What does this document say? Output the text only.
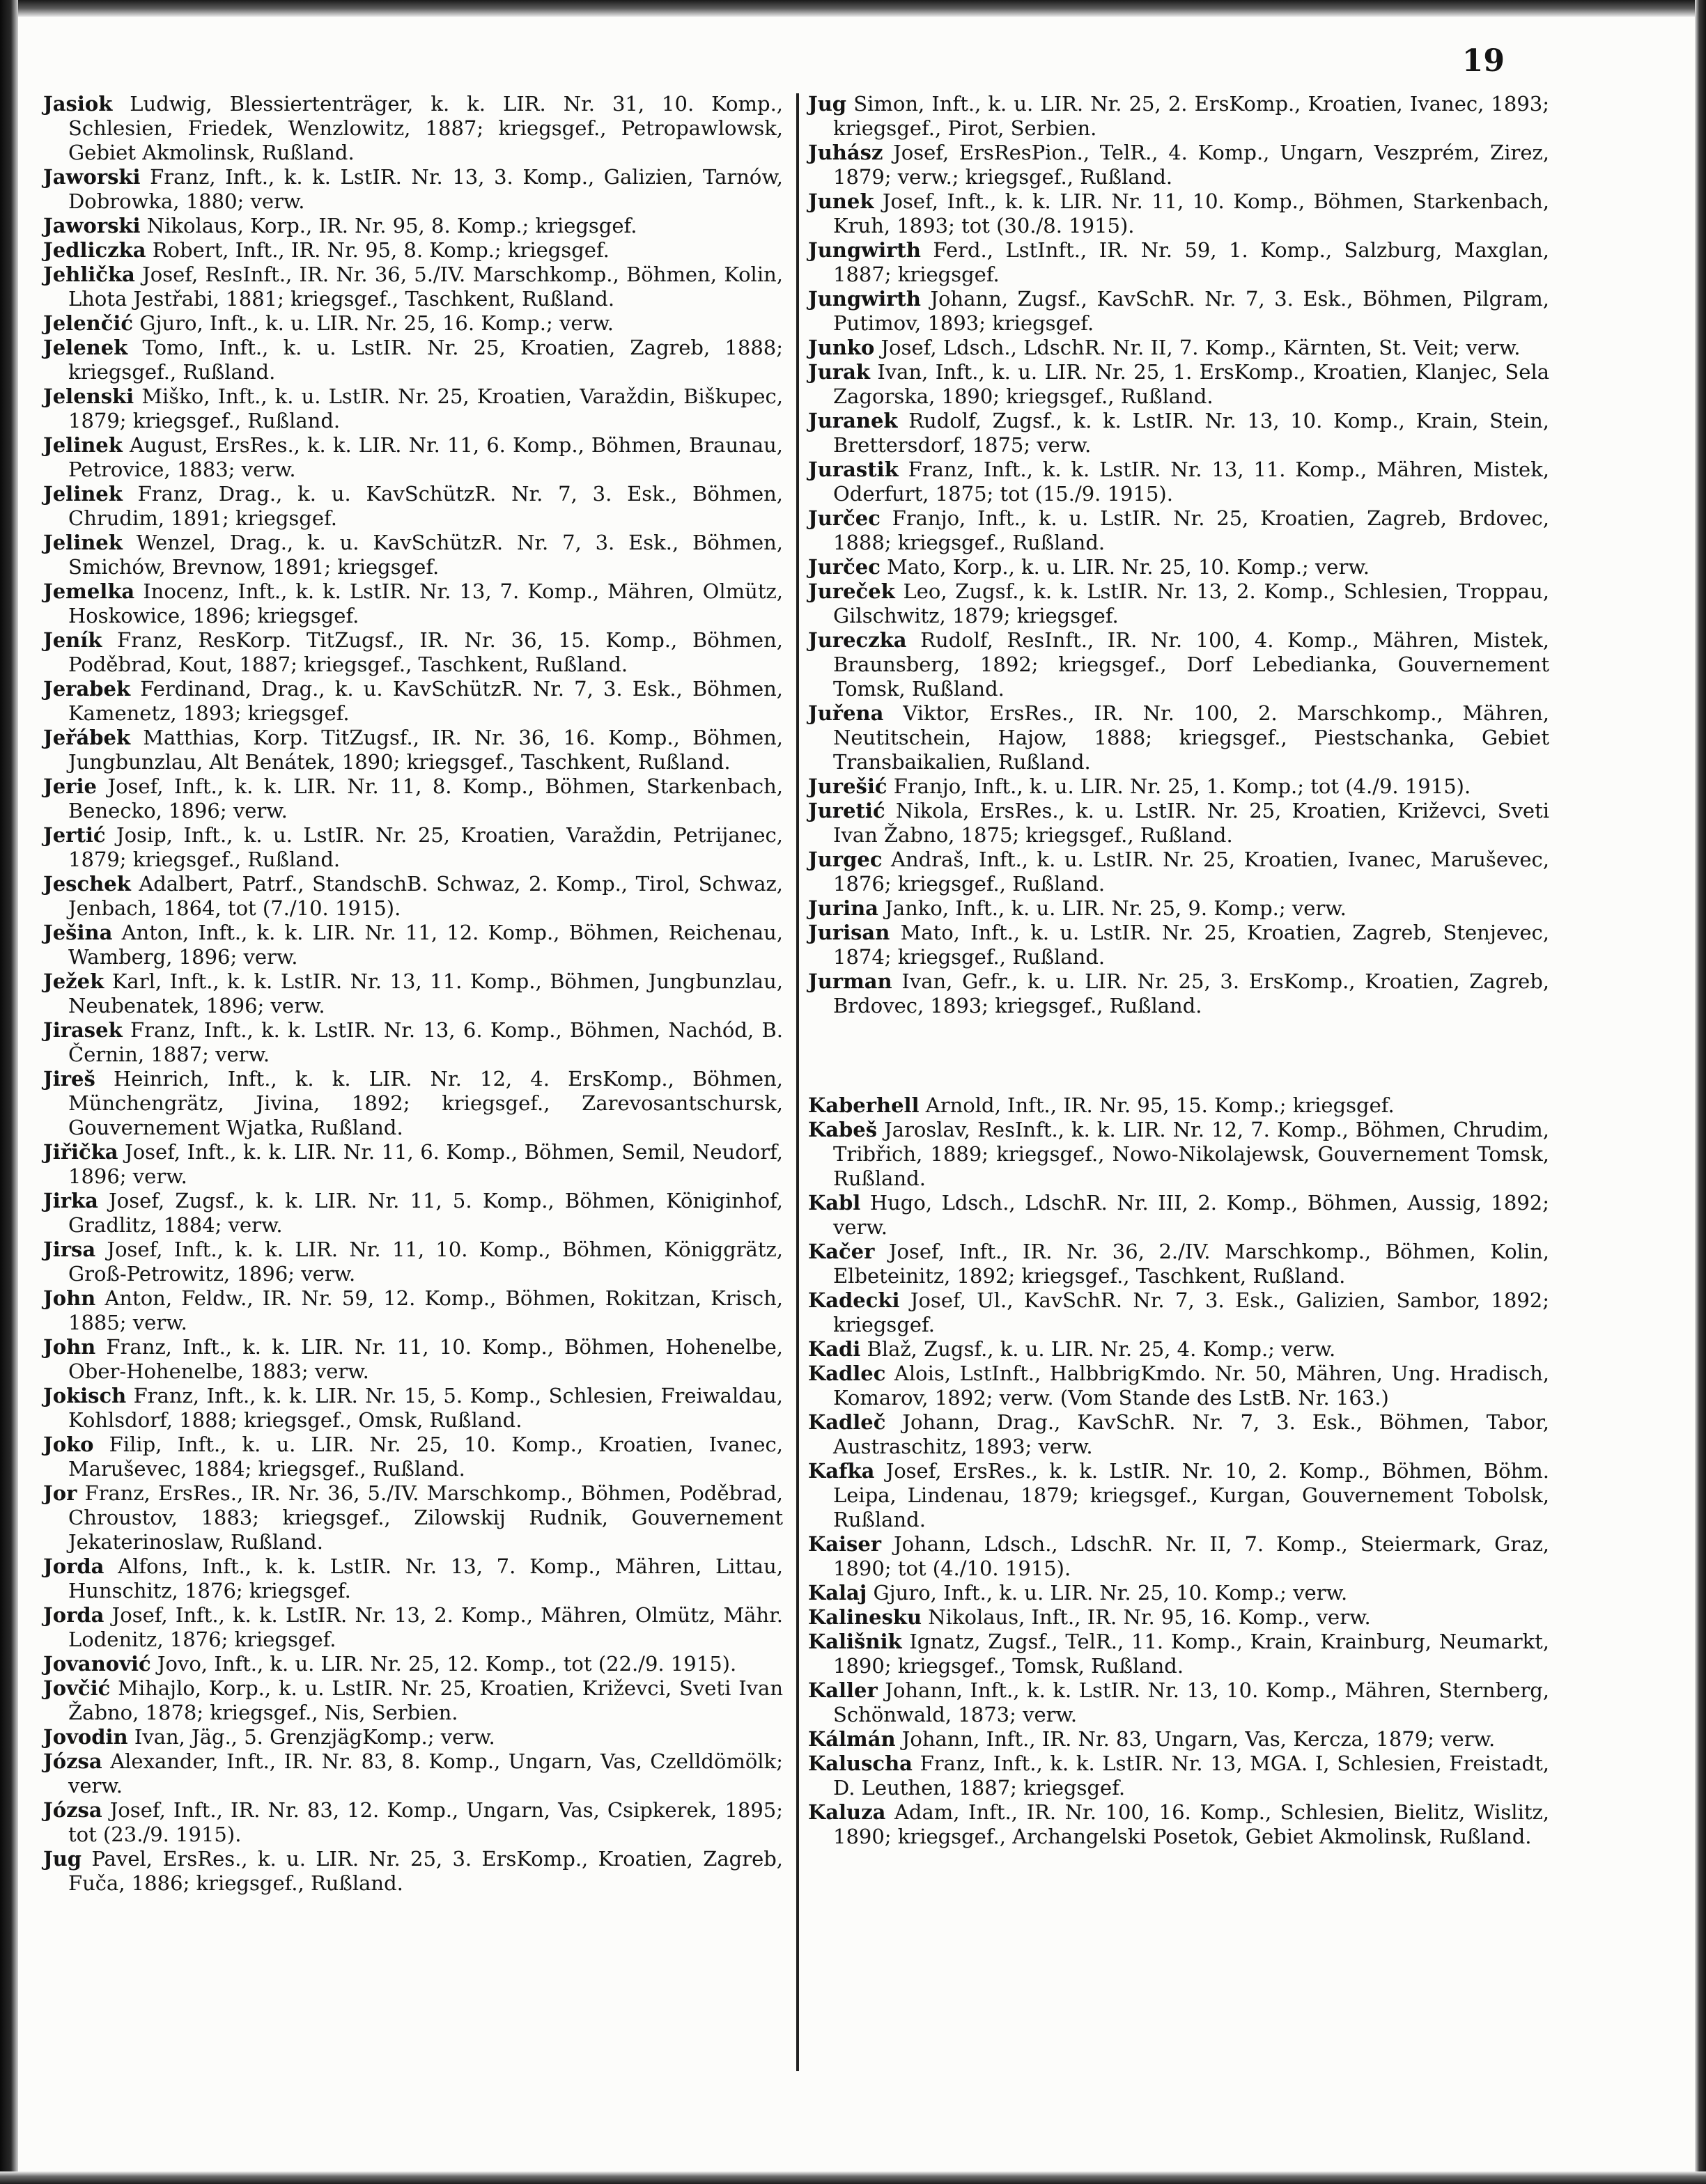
19

Jasiok Ludwig, Blessiertenträger, k. k. LIR. Nr. 31, 10. Komp., Schlesien, Friedek, Wenzlowitz, 1887; kriegsgef., Petropawlowsk, Gebiet Akmolinsk, Rußland.

Jaworski Franz, Inft., k. k. LstIR. Nr. 13, 3. Komp., Galizien, Tarnów, Dobrowka, 1880; verw.

Jaworski Nikolaus, Korp., IR. Nr. 95, 8. Komp.; kriegsgef.

Jedliczka Robert, Inft., IR. Nr. 95, 8. Komp.; kriegsgef.

Jehlička Josef, ResInft., IR. Nr. 36, 5./IV. Marschkomp., Böhmen, Kolin, Lhota Jestřabi, 1881; kriegsgef., Taschkent, Rußland.

Jelenčić Gjuro, Inft., k. u. LIR. Nr. 25, 16. Komp.; verw.

Jelenek Tomo, Inft., k. u. LstIR. Nr. 25, Kroatien, Zagreb, 1888; kriegsgef., Rußland.

Jelenski Miško, Inft., k. u. LstIR. Nr. 25, Kroatien, Varaždin, Biškupec, 1879; kriegsgef., Rußland.

Jelinek August, ErsRes., k. k. LIR. Nr. 11, 6. Komp., Böhmen, Braunau, Petrovice, 1883; verw.

Jelinek Franz, Drag., k. u. KavSchützR. Nr. 7, 3. Esk., Böhmen, Chrudim, 1891; kriegsgef.

Jelinek Wenzel, Drag., k. u. KavSchützR. Nr. 7, 3. Esk., Böhmen, Smichów, Brevnow, 1891; kriegsgef.

Jemelka Inocenz, Inft., k. k. LstIR. Nr. 13, 7. Komp., Mähren, Olmütz, Hoskowice, 1896; kriegsgef.

Jeník Franz, ResKorp. TitZugsf., IR. Nr. 36, 15. Komp., Böhmen, Poděbrad, Kout, 1887; kriegsgef., Taschkent, Rußland.

Jerabek Ferdinand, Drag., k. u. KavSchützR. Nr. 7, 3. Esk., Böhmen, Kamenetz, 1893; kriegsgef.

Jeřábek Matthias, Korp. TitZugsf., IR. Nr. 36, 16. Komp., Böhmen, Jungbunzlau, Alt Benátek, 1890; kriegsgef., Taschkent, Rußland.

Jerie Josef, Inft., k. k. LIR. Nr. 11, 8. Komp., Böhmen, Starkenbach, Benecko, 1896; verw.

Jertić Josip, Inft., k. u. LstIR. Nr. 25, Kroatien, Varaždin, Petrijanec, 1879; kriegsgef., Rußland.

Jeschek Adalbert, Patrf., StandschB. Schwaz, 2. Komp., Tirol, Schwaz, Jenbach, 1864, tot (7./10. 1915).

Ješina Anton, Inft., k. k. LIR. Nr. 11, 12. Komp., Böhmen, Reichenau, Wamberg, 1896; verw.

Ježek Karl, Inft., k. k. LstIR. Nr. 13, 11. Komp., Böhmen, Jungbunzlau, Neubenatek, 1896; verw.

Jirasek Franz, Inft., k. k. LstIR. Nr. 13, 6. Komp., Böhmen, Nachód, B. Černin, 1887; verw.

Jireš Heinrich, Inft., k. k. LIR. Nr. 12, 4. ErsKomp., Böhmen, Münchengrätz, Jivina, 1892; kriegsgef., Zarevosantschursk, Gouvernement Wjatka, Rußland.

Jiřička Josef, Inft., k. k. LIR. Nr. 11, 6. Komp., Böhmen, Semil, Neudorf, 1896; verw.

Jirka Josef, Zugsf., k. k. LIR. Nr. 11, 5. Komp., Böhmen, Königinhof, Gradlitz, 1884; verw.

Jirsa Josef, Inft., k. k. LIR. Nr. 11, 10. Komp., Böhmen, Königgrätz, Groß-Petrowitz, 1896; verw.

John Anton, Feldw., IR. Nr. 59, 12. Komp., Böhmen, Rokitzan, Krisch, 1885; verw.

John Franz, Inft., k. k. LIR. Nr. 11, 10. Komp., Böhmen, Hohenelbe, Ober-Hohenelbe, 1883; verw.

Jokisch Franz, Inft., k. k. LIR. Nr. 15, 5. Komp., Schlesien, Freiwaldau, Kohlsdorf, 1888; kriegsgef., Omsk, Rußland.

Joko Filip, Inft., k. u. LIR. Nr. 25, 10. Komp., Kroatien, Ivanec, Maruševec, 1884; kriegsgef., Rußland.

Jor Franz, ErsRes., IR. Nr. 36, 5./IV. Marschkomp., Böhmen, Poděbrad, Chroustov, 1883; kriegsgef., Zilowskij Rudnik, Gouvernement Jekaterinoslaw, Rußland.

Jorda Alfons, Inft., k. k. LstIR. Nr. 13, 7. Komp., Mähren, Littau, Hunschitz, 1876; kriegsgef.

Jorda Josef, Inft., k. k. LstIR. Nr. 13, 2. Komp., Mähren, Olmütz, Mähr. Lodenitz, 1876; kriegsgef.

Jovanović Jovo, Inft., k. u. LIR. Nr. 25, 12. Komp., tot (22./9. 1915).

Jovčić Mihajlo, Korp., k. u. LstIR. Nr. 25, Kroatien, Križevci, Sveti Ivan Žabno, 1878; kriegsgef., Nis, Serbien.

Jovodin Ivan, Jäg., 5. GrenzjägKomp.; verw.

Józsa Alexander, Inft., IR. Nr. 83, 8. Komp., Ungarn, Vas, Czelldömölk; verw.

Józsa Josef, Inft., IR. Nr. 83, 12. Komp., Ungarn, Vas, Csipkerek, 1895; tot (23./9. 1915).

Jug Pavel, ErsRes., k. u. LIR. Nr. 25, 3. ErsKomp., Kroatien, Zagreb, Fuča, 1886; kriegsgef., Rußland.

Jug Simon, Inft., k. u. LIR. Nr. 25, 2. ErsKomp., Kroatien, Ivanec, 1893; kriegsgef., Pirot, Serbien.

Juhász Josef, ErsResPion., TelR., 4. Komp., Ungarn, Veszprém, Zirez, 1879; verw.; kriegsgef., Rußland.

Junek Josef, Inft., k. k. LIR. Nr. 11, 10. Komp., Böhmen, Starkenbach, Kruh, 1893; tot (30./8. 1915).

Jungwirth Ferd., LstInft., IR. Nr. 59, 1. Komp., Salzburg, Maxglan, 1887; kriegsgef.

Jungwirth Johann, Zugsf., KavSchR. Nr. 7, 3. Esk., Böhmen, Pilgram, Putimov, 1893; kriegsgef.

Junko Josef, Ldsch., LdschR. Nr. II, 7. Komp., Kärnten, St. Veit; verw.

Jurak Ivan, Inft., k. u. LIR. Nr. 25, 1. ErsKomp., Kroatien, Klanjec, Sela Zagorska, 1890; kriegsgef., Rußland.

Juranek Rudolf, Zugsf., k. k. LstIR. Nr. 13, 10. Komp., Krain, Stein, Brettersdorf, 1875; verw.

Jurastik Franz, Inft., k. k. LstIR. Nr. 13, 11. Komp., Mähren, Mistek, Oderfurt, 1875; tot (15./9. 1915).

Jurčec Franjo, Inft., k. u. LstIR. Nr. 25, Kroatien, Zagreb, Brdovec, 1888; kriegsgef., Rußland.

Jurčec Mato, Korp., k. u. LIR. Nr. 25, 10. Komp.; verw.

Jureček Leo, Zugsf., k. k. LstIR. Nr. 13, 2. Komp., Schlesien, Troppau, Gilschwitz, 1879; kriegsgef.

Jureczka Rudolf, ResInft., IR. Nr. 100, 4. Komp., Mähren, Mistek, Braunsberg, 1892; kriegsgef., Dorf Lebedianka, Gouvernement Tomsk, Rußland.

Juřena Viktor, ErsRes., IR. Nr. 100, 2. Marschkomp., Mähren, Neutitschein, Hajow, 1888; kriegsgef., Piestschanka, Gebiet Transbaikalien, Rußland.

Jurešić Franjo, Inft., k. u. LIR. Nr. 25, 1. Komp.; tot (4./9. 1915).

Juretić Nikola, ErsRes., k. u. LstIR. Nr. 25, Kroatien, Križevci, Sveti Ivan Žabno, 1875; kriegsgef., Rußland.

Jurgec Andraš, Inft., k. u. LstIR. Nr. 25, Kroatien, Ivanec, Maruševec, 1876; kriegsgef., Rußland.

Jurina Janko, Inft., k. u. LIR. Nr. 25, 9. Komp.; verw.

Jurisan Mato, Inft., k. u. LstIR. Nr. 25, Kroatien, Zagreb, Stenjevec, 1874; kriegsgef., Rußland.

Jurman Ivan, Gefr., k. u. LIR. Nr. 25, 3. ErsKomp., Kroatien, Zagreb, Brdovec, 1893; kriegsgef., Rußland.

Kaberhell Arnold, Inft., IR. Nr. 95, 15. Komp.; kriegsgef.

Kabeš Jaroslav, ResInft., k. k. LIR. Nr. 12, 7. Komp., Böhmen, Chrudim, Tribřich, 1889; kriegsgef., Nowo-Nikolajewsk, Gouvernement Tomsk, Rußland.

Kabl Hugo, Ldsch., LdschR. Nr. III, 2. Komp., Böhmen, Aussig, 1892; verw.

Kačer Josef, Inft., IR. Nr. 36, 2./IV. Marschkomp., Böhmen, Kolin, Elbeteinitz, 1892; kriegsgef., Taschkent, Rußland.

Kadecki Josef, Ul., KavSchR. Nr. 7, 3. Esk., Galizien, Sambor, 1892; kriegsgef.

Kadi Blaž, Zugsf., k. u. LIR. Nr. 25, 4. Komp.; verw.

Kadlec Alois, LstInft., HalbbrigKmdo. Nr. 50, Mähren, Ung. Hradisch, Komarov, 1892; verw. (Vom Stande des LstB. Nr. 163.)

Kadleč Johann, Drag., KavSchR. Nr. 7, 3. Esk., Böhmen, Tabor, Austraschitz, 1893; verw.

Kafka Josef, ErsRes., k. k. LstIR. Nr. 10, 2. Komp., Böhmen, Böhm. Leipa, Lindenau, 1879; kriegsgef., Kurgan, Gouvernement Tobolsk, Rußland.

Kaiser Johann, Ldsch., LdschR. Nr. II, 7. Komp., Steiermark, Graz, 1890; tot (4./10. 1915).

Kalaj Gjuro, Inft., k. u. LIR. Nr. 25, 10. Komp.; verw.

Kalinesku Nikolaus, Inft., IR. Nr. 95, 16. Komp., verw.

Kališnik Ignatz, Zugsf., TelR., 11. Komp., Krain, Krainburg, Neumarkt, 1890; kriegsgef., Tomsk, Rußland.

Kaller Johann, Inft., k. k. LstIR. Nr. 13, 10. Komp., Mähren, Sternberg, Schönwald, 1873; verw.

Kálmán Johann, Inft., IR. Nr. 83, Ungarn, Vas, Kercza, 1879; verw.

Kaluscha Franz, Inft., k. k. LstIR. Nr. 13, MGA. I, Schlesien, Freistadt, D. Leuthen, 1887; kriegsgef.

Kaluza Adam, Inft., IR. Nr. 100, 16. Komp., Schlesien, Bielitz, Wislitz, 1890; kriegsgef., Archangelski Posetok, Gebiet Akmolinsk, Rußland.
